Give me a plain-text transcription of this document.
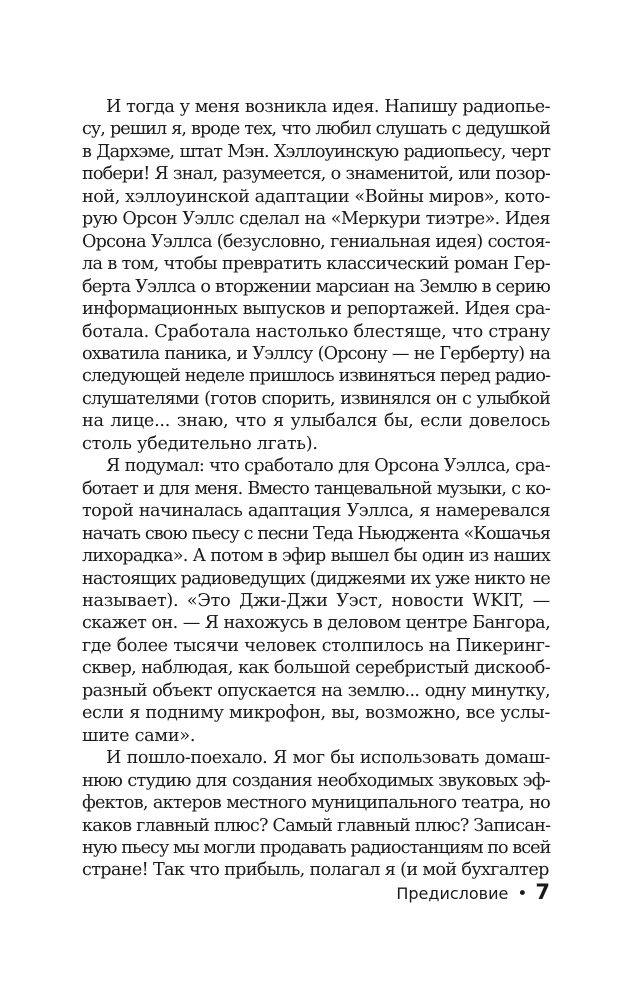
И тогда у меня возникла идея. Напишу радиопье-
су, решил я, вроде тех, что любил слушать с дедушкой
в Дархэме, штат Мэн. Хэллоуинскую радиопьесу, черт
побери! Я знал, разумеется, о знаменитой, или позор-
ной, хэллоуинской адаптации «Войны миров», кото-
рую Орсон Уэллс сделал на «Меркури тиэтре». Идея
Орсона Уэллса (безусловно, гениальная идея) состоя-
ла в том, чтобы превратить классический роман Гер-
берта Уэллса о вторжении марсиан на Землю в серию
информационных выпусков и репортажей. Идея сра-
ботала. Сработала настолько блестяще, что страну
охватила паника, и Уэллсу (Орсону — не Герберту) на
следующей неделе пришлось извиняться перед радио-
слушателями (готов спорить, извинялся он с улыбкой
на лице... знаю, что я улыбался бы, если довелось
столь убедительно лгать).
Я подумал: что сработало для Орсона Уэллса, сра-
ботает и для меня. Вместо танцевальной музыки, с ко-
торой начиналась адаптация Уэллса, я намеревался
начать свою пьесу с песни Теда Ньюджента «Кошачья
лихорадка». А потом в эфир вышел бы один из наших
настоящих радиоведущих (диджеями их уже никто не
называет). «Это Джи-Джи Уэст, новости WKIT, —
скажет он. — Я нахожусь в деловом центре Бангора,
где более тысячи человек столпилось на Пикеринг-
сквер, наблюдая, как большой серебристый дискооб-
разный объект опускается на землю... одну минутку,
если я подниму микрофон, вы, возможно, все услы-
шите сами».
И пошло-поехало. Я мог бы использовать домаш-
нюю студию для создания необходимых звуковых эф-
фектов, актеров местного муниципального театра, но
каков главный плюс? Самый главный плюс? Записан-
ную пьесу мы могли продавать радиостанциям по всей
стране! Так что прибыль, полагал я (и мой бухгалтер
Предисловие • 7
